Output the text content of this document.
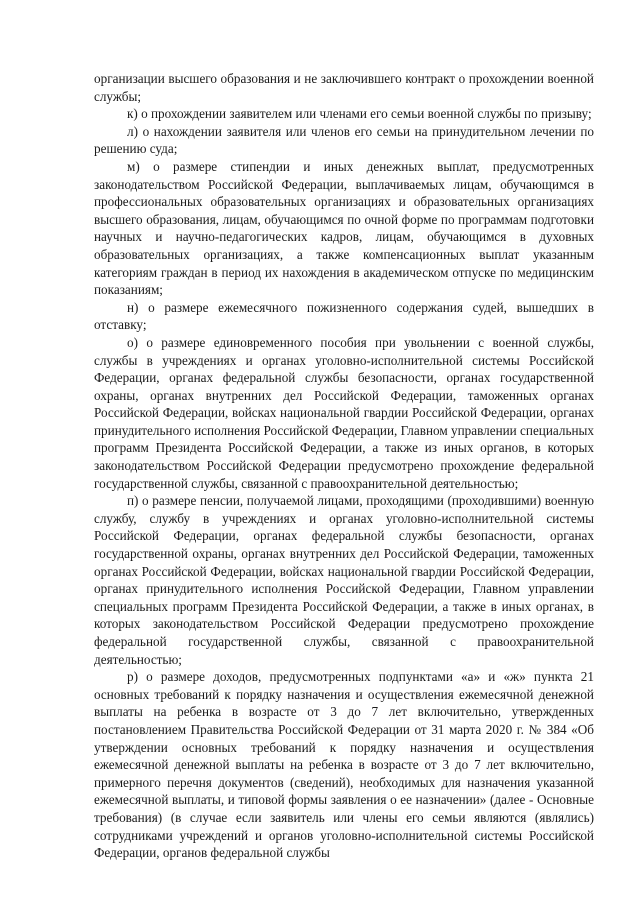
организации высшего образования и не заключившего контракт о прохождении военной службы;

к) о прохождении заявителем или членами его семьи военной службы по призыву;

л) о нахождении заявителя или членов его семьи на принудительном лечении по решению суда;

м) о размере стипендии и иных денежных выплат, предусмотренных законодательством Российской Федерации, выплачиваемых лицам, обучающимся в профессиональных образовательных организациях и образовательных организациях высшего образования, лицам, обучающимся по очной форме по программам подготовки научных и научно-педагогических кадров, лицам, обучающимся в духовных образовательных организациях, а также компенсационных выплат указанным категориям граждан в период их нахождения в академическом отпуске по медицинским показаниям;

н) о размере ежемесячного пожизненного содержания судей, вышедших в отставку;

о) о размере единовременного пособия при увольнении с военной службы, службы в учреждениях и органах уголовно-исполнительной системы Российской Федерации, органах федеральной службы безопасности, органах государственной охраны, органах внутренних дел Российской Федерации, таможенных органах Российской Федерации, войсках национальной гвардии Российской Федерации, органах принудительного исполнения Российской Федерации, Главном управлении специальных программ Президента Российской Федерации, а также из иных органов, в которых законодательством Российской Федерации предусмотрено прохождение федеральной государственной службы, связанной с правоохранительной деятельностью;

п) о размере пенсии, получаемой лицами, проходящими (проходившими) военную службу, службу в учреждениях и органах уголовно-исполнительной системы Российской Федерации, органах федеральной службы безопасности, органах государственной охраны, органах внутренних дел Российской Федерации, таможенных органах Российской Федерации, войсках национальной гвардии Российской Федерации, органах принудительного исполнения Российской Федерации, Главном управлении специальных программ Президента Российской Федерации, а также в иных органах, в которых законодательством Российской Федерации предусмотрено прохождение федеральной государственной службы, связанной с правоохранительной деятельностью;

р) о размере доходов, предусмотренных подпунктами «а» и «ж» пункта 21 основных требований к порядку назначения и осуществления ежемесячной денежной выплаты на ребенка в возрасте от 3 до 7 лет включительно, утвержденных постановлением Правительства Российской Федерации от 31 марта 2020 г. № 384 «Об утверждении основных требований к порядку назначения и осуществления ежемесячной денежной выплаты на ребенка в возрасте от 3 до 7 лет включительно, примерного перечня документов (сведений), необходимых для назначения указанной ежемесячной выплаты, и типовой формы заявления о ее назначении» (далее - Основные требования) (в случае если заявитель или члены его семьи являются (являлись) сотрудниками учреждений и органов уголовно-исполнительной системы Российской Федерации, органов федеральной службы
